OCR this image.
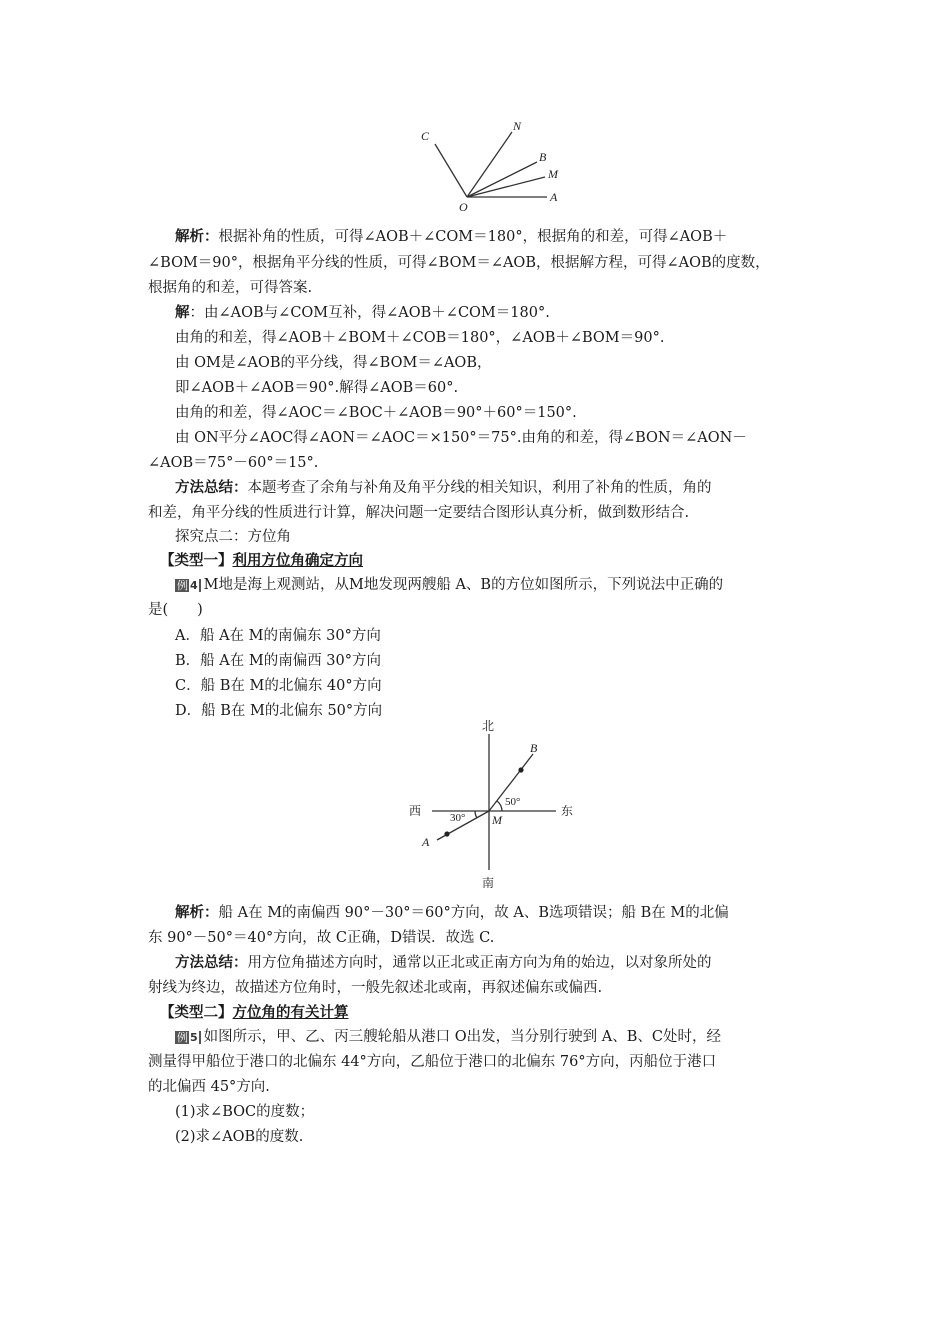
C
N
B
M
A
O
解析：根据补角的性质，可得∠AOB＋∠COM＝180°，根据角的和差，可得∠AOB＋
∠BOM＝90°，根据角平分线的性质，可得∠BOM＝∠AOB，根据解方程，可得∠AOB的度数，
根据角的和差，可得答案.
解：由∠AOB与∠COM互补，得∠AOB＋∠COM＝180°.
由角的和差，得∠AOB＋∠BOM＋∠COB＝180°，∠AOB＋∠BOM＝90°.
由 OM是∠AOB的平分线，得∠BOM＝∠AOB，
即∠AOB＋∠AOB＝90°.解得∠AOB＝60°.
由角的和差，得∠AOC＝∠BOC＋∠AOB＝90°＋60°＝150°.
由 ON平分∠AOC得∠AON＝∠AOC＝×150°＝75°.由角的和差，得∠BON＝∠AON－
∠AOB＝75°－60°＝15°.
方法总结：本题考查了余角与补角及角平分线的相关知识，利用了补角的性质，角的
和差，角平分线的性质进行计算，解决问题一定要结合图形认真分析，做到数形结合.
探究点二：方位角
【类型一】利用方位角确定方向
例 4 M地是海上观测站，从M地发现两艘船 A、B的方位如图所示，下列说法中正确的
是(　　)
A．船 A在 M的南偏东 30°方向
B．船 A在 M的南偏西 30°方向
C．船 B在 M的北偏东 40°方向
D．船 B在 M的北偏东 50°方向
北
南
西	东
50°
30° M
B
A
解析：船 A在 M的南偏西 90°－30°＝60°方向，故 A、B选项错误；船 B在 M的北偏
东 90°－50°＝40°方向，故 C正确，D错误．故选 C.
方法总结：用方位角描述方向时，通常以正北或正南方向为角的始边，以对象所处的
射线为终边，故描述方位角时，一般先叙述北或南，再叙述偏东或偏西.
【类型二】方位角的有关计算
例 5 如图所示，甲、乙、丙三艘轮船从港口 O出发，当分别行驶到 A、B、C处时，经
测量得甲船位于港口的北偏东 44°方向，乙船位于港口的北偏东 76°方向，丙船位于港口
的北偏西 45°方向.
(1)求∠BOC的度数；
(2)求∠AOB的度数.
